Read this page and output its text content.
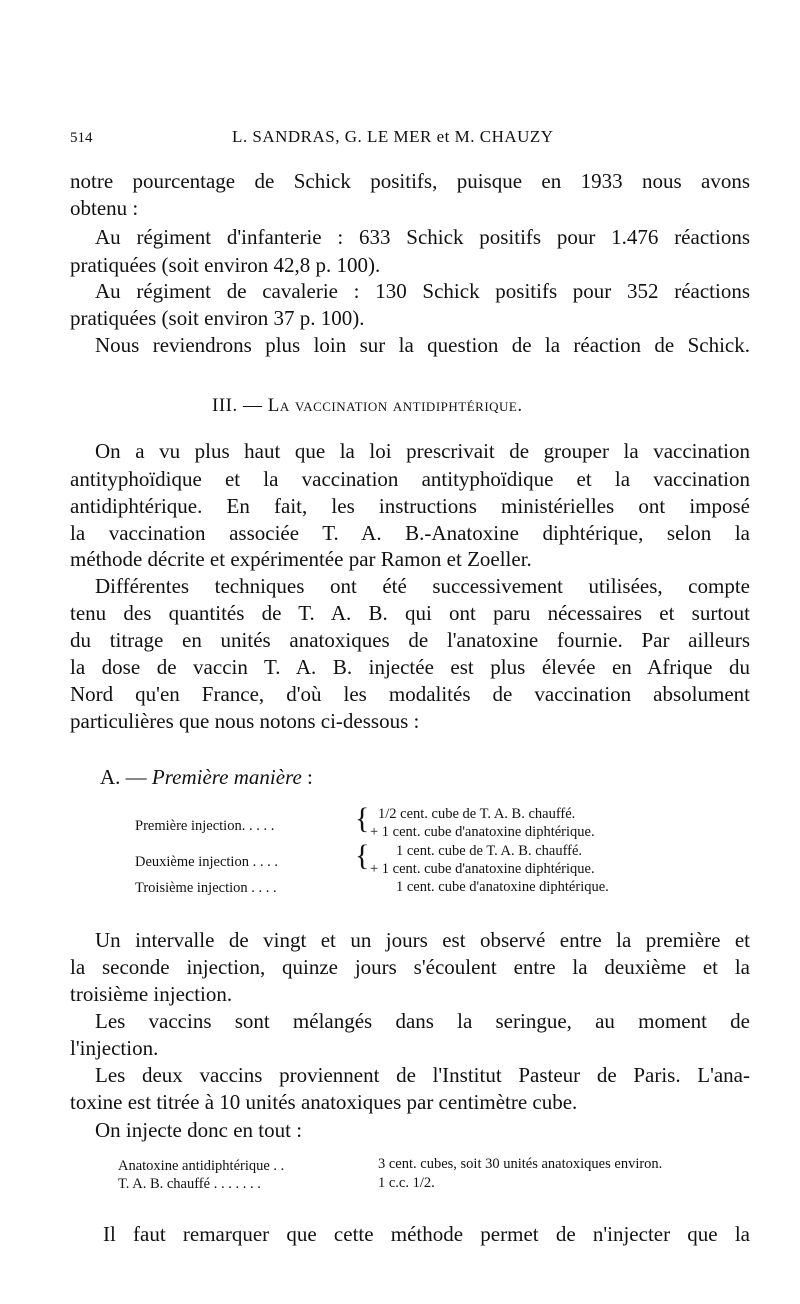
514	L. SANDRAS, G. LE MER et M. CHAUZY
notre pourcentage de Schick positifs, puisque en 1933 nous avons
obtenu :
Au régiment d'infanterie : 633 Schick positifs pour 1.476 réactions
pratiquées (soit environ 42,8 p. 100).
Au régiment de cavalerie : 130 Schick positifs pour 352 réactions
pratiquées (soit environ 37 p. 100).
Nous reviendrons plus loin sur la question de la réaction de Schick.
III. — La vaccination antidiphtérique.
On a vu plus haut que la loi prescrivait de grouper la vaccination
antityphoïdique et la vaccination antityphoïdique et la vaccination
antidiphtérique. En fait, les instructions ministérielles ont imposé
la vaccination associée T. A. B.-Anatoxine diphtérique, selon la
méthode décrite et expérimentée par Ramon et Zoeller.
Différentes techniques ont été successivement utilisées, compte
tenu des quantités de T. A. B. qui ont paru nécessaires et surtout
du titrage en unités anatoxiques de l'anatoxine fournie. Par ailleurs
la dose de vaccin T. A. B. injectée est plus élevée en Afrique du
Nord qu'en France, d'où les modalités de vaccination absolument
particulières que nous notons ci-dessous :
A. — Première manière :
Première injection. . . . .	{ 1/2 cent. cube de T. A. B. chauffé.
+ 1 cent. cube d'anatoxine diphtérique.
Deuxième injection . . . .	{ 1 cent. cube de T. A. B. chauffé.
+ 1 cent. cube d'anatoxine diphtérique.
Troisième injection . . . .	1 cent. cube d'anatoxine diphtérique.
Un intervalle de vingt et un jours est observé entre la première et
la seconde injection, quinze jours s'écoulent entre la deuxième et la
troisième injection.
Les vaccins sont mélangés dans la seringue, au moment de
l'injection.
Les deux vaccins proviennent de l'Institut Pasteur de Paris. L'ana-
toxine est titrée à 10 unités anatoxiques par centimètre cube.
On injecte donc en tout :
Anatoxine antidiphtérique . .	3 cent. cubes, soit 30 unités anatoxiques environ.
T. A. B. chauffé . . . . . . .	1 c.c. 1/2.
Il faut remarquer que cette méthode permet de n'injecter que la
